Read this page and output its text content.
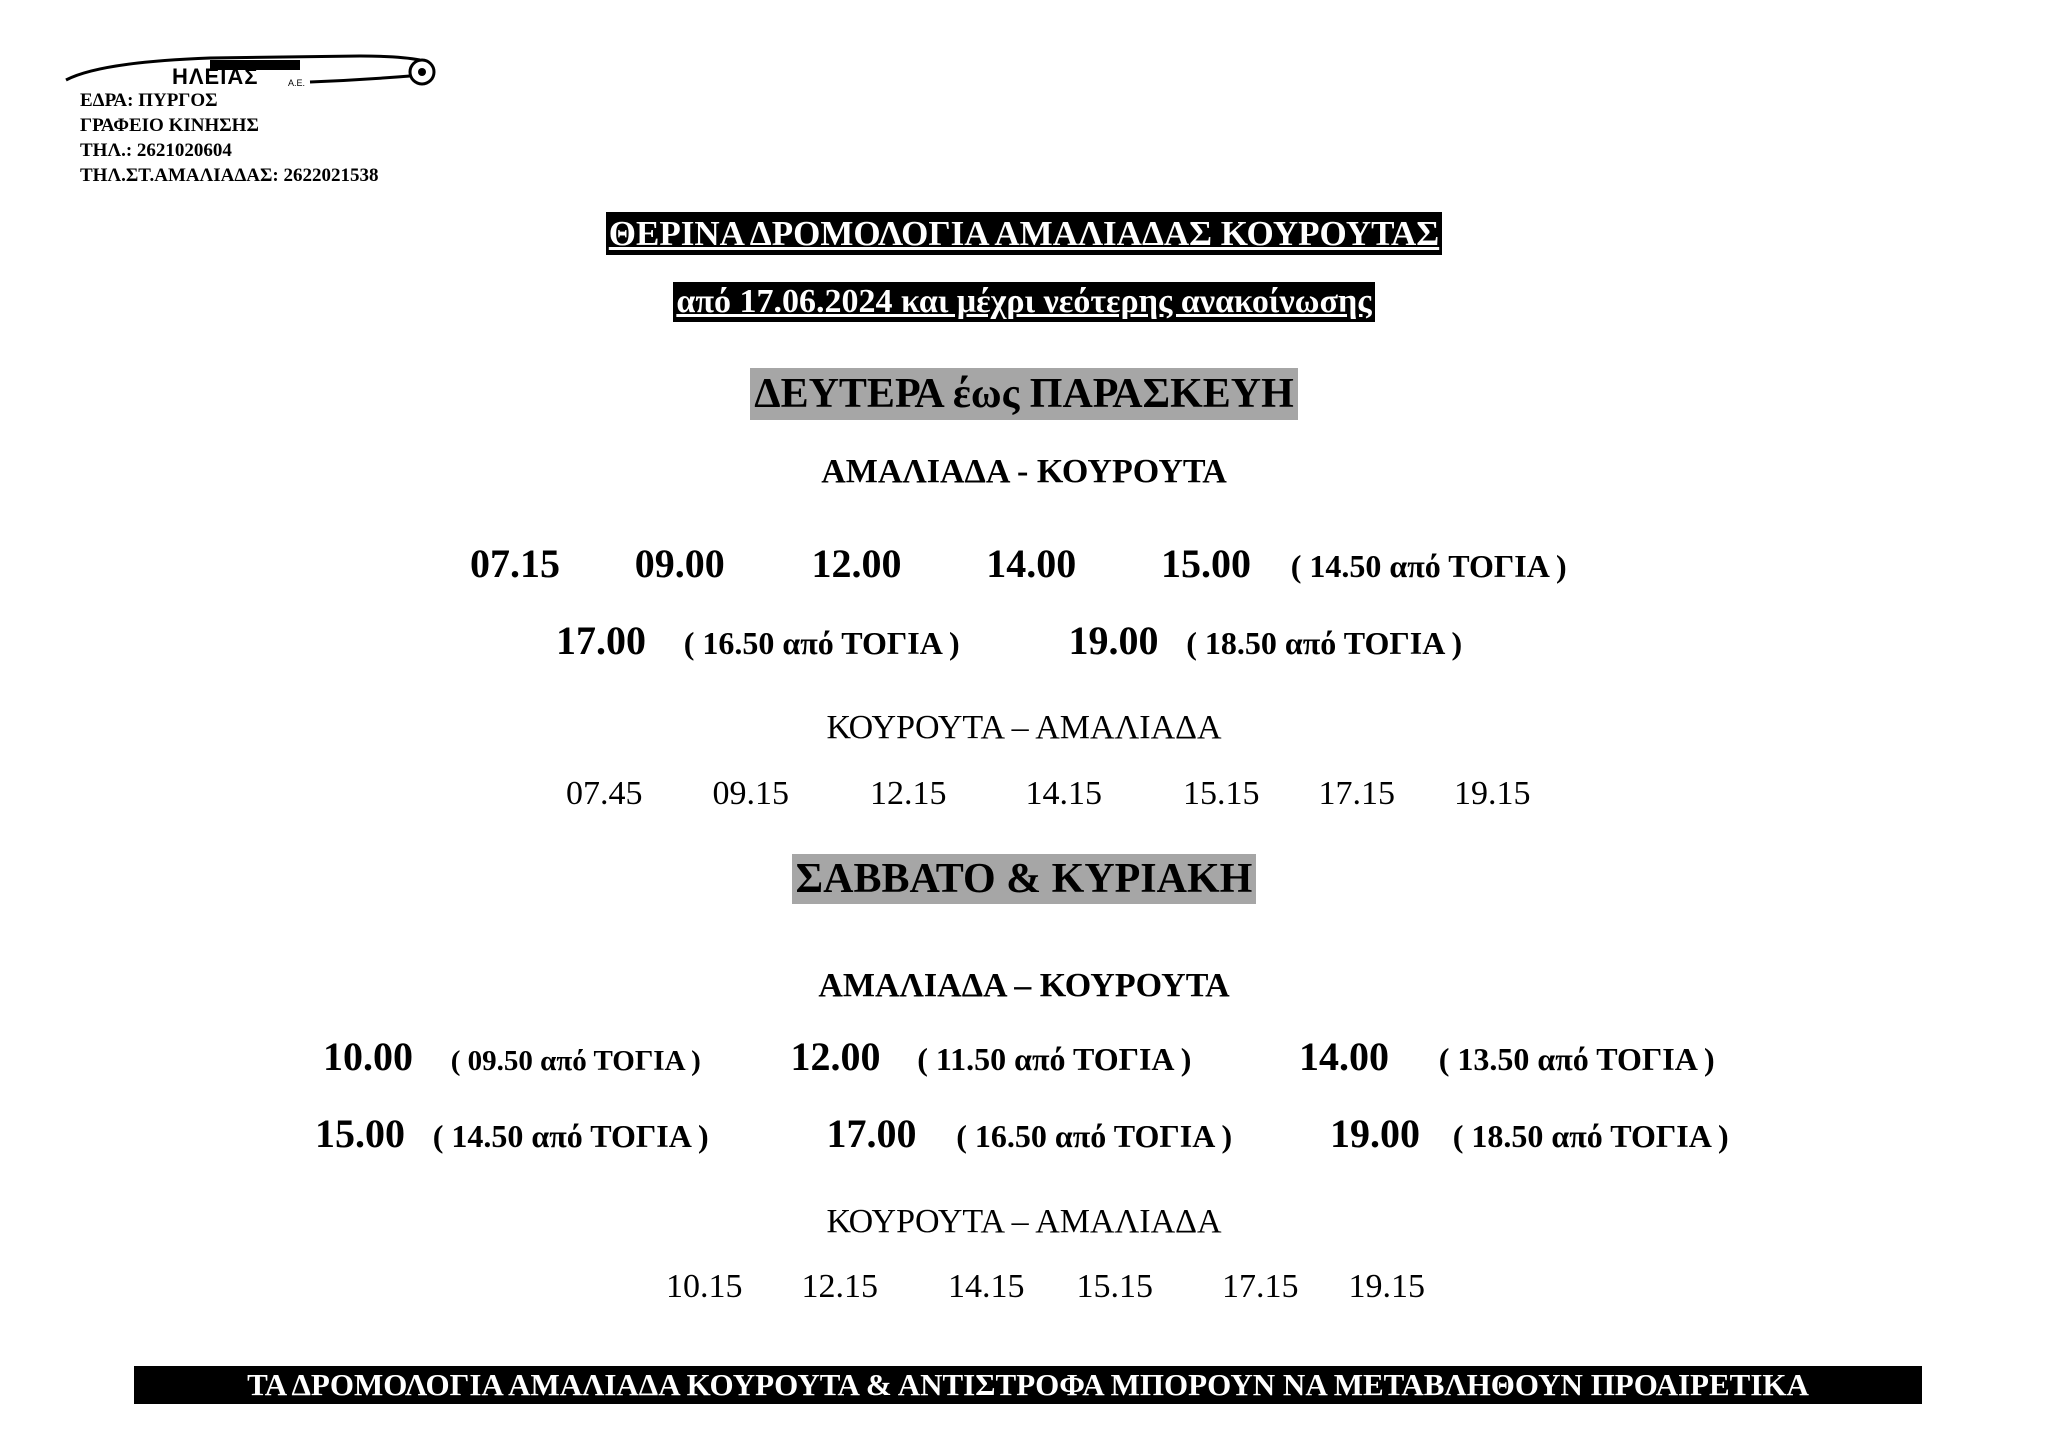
ΗΛΕΙΑΣ	Α.Ε.
ΕΔΡΑ: ΠΥΡΓΟΣ
ΓΡΑΦΕΙΟ ΚΙΝΗΣΗΣ
ΤΗΛ.: 2621020604
ΤΗΛ.ΣΤ.ΑΜΑΛΙΑΔΑΣ: 2622021538
ΘΕΡΙΝΑ ΔΡΟΜΟΛΟΓΙΑ ΑΜΑΛΙΑΔΑΣ ΚΟΥΡΟΥΤΑΣ
από 17.06.2024 και μέχρι νεότερης ανακοίνωσης
ΔΕΥΤΕΡΑ έως ΠΑΡΑΣΚΕΥΗ
ΑΜΑΛΙΑΔΑ - ΚΟΥΡΟΥΤΑ
07.15 09.00 12.00 14.00 15.00 ( 14.50 από ΤΟΓΙΑ )
17.00 ( 16.50 από ΤΟΓΙΑ )	19.00 ( 18.50 από ΤΟΓΙΑ )
ΚΟΥΡΟΥΤΑ – ΑΜΑΛΙΑΔΑ
07.45 09.15 12.15 14.15 15.15 17.15 19.15
ΣΑΒΒΑΤΟ & ΚΥΡΙΑΚΗ
ΑΜΑΛΙΑΔΑ – ΚΟΥΡΟΥΤΑ
10.00 ( 09.50 από ΤΟΓΙΑ ) 12.00 ( 11.50 από ΤΟΓΙΑ )	14.00 ( 13.50 από ΤΟΓΙΑ )
15.00 ( 14.50 από ΤΟΓΙΑ )	17.00 ( 16.50 από ΤΟΓΙΑ ) 19.00 ( 18.50 από ΤΟΓΙΑ )
ΚΟΥΡΟΥΤΑ – ΑΜΑΛΙΑΔΑ
10.15 12.15 14.15 15.15 17.15 19.15
ΤΑ ΔΡΟΜΟΛΟΓΙΑ ΑΜΑΛΙΑΔΑ ΚΟΥΡΟΥΤΑ & ΑΝΤΙΣΤΡΟΦΑ ΜΠΟΡΟΥΝ ΝΑ ΜΕΤΑΒΛΗΘΟΥΝ ΠΡΟΑΙΡΕΤΙΚΑ
